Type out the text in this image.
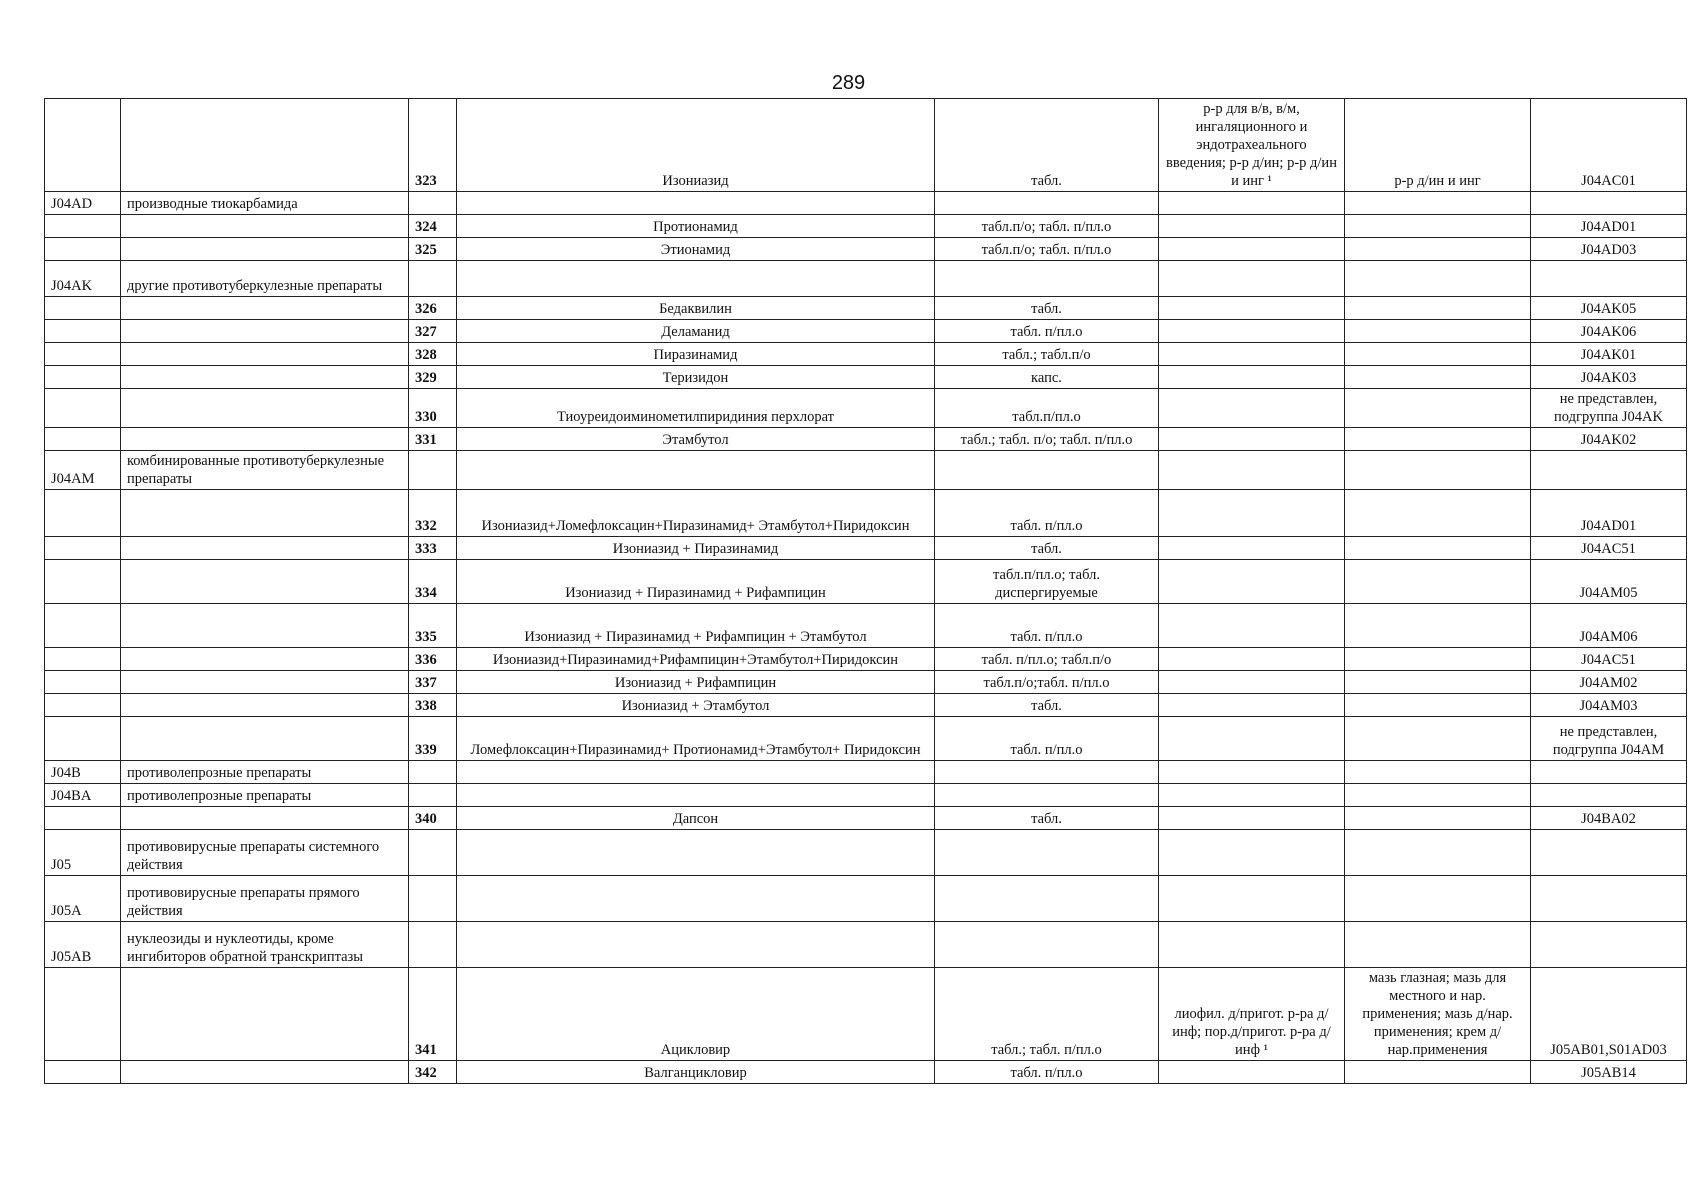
289
		323	Изониазид	табл.	р-р для в/в, в/м, ингаляционного и эндотрахеального введения; р-р д/ин; р-р д/ин и инг ¹	р-р д/ин и инг	J04AC01
J04AD	производные тиокарбамида						
		324	Протионамид	табл.п/о; табл. п/пл.о			J04AD01
		325	Этионамид	табл.п/о; табл. п/пл.о			J04AD03
J04AK	другие противотуберкулезные препараты						
		326	Бедаквилин	табл.			J04AK05
		327	Деламанид	табл. п/пл.о			J04AK06
		328	Пиразинамид	табл.; табл.п/о			J04AK01
		329	Теризидон	капс.			J04AK03
		330	Тиоуреидоиминометилпиридиния перхлорат	табл.п/пл.о			не представлен, подгруппа J04AK
		331	Этамбутол	табл.; табл. п/о; табл. п/пл.о			J04AK02
J04AM	комбинированные противотуберкулезные препараты						
		332	Изониазид+Ломефлоксацин+Пиразинамид+ Этамбутол+Пиридоксин	табл. п/пл.о			J04AD01
		333	Изониазид + Пиразинамид	табл.			J04AC51
		334	Изониазид + Пиразинамид + Рифампицин	табл.п/пл.о; табл. диспергируемые			J04AM05
		335	Изониазид + Пиразинамид + Рифампицин + Этамбутол	табл. п/пл.о			J04AM06
		336	Изониазид+Пиразинамид+Рифампицин+Этамбутол+Пиридоксин	табл. п/пл.о; табл.п/о			J04AC51
		337	Изониазид + Рифампицин	табл.п/о;табл. п/пл.о			J04AM02
		338	Изониазид + Этамбутол	табл.			J04AM03
		339	Ломефлоксацин+Пиразинамид+ Протионамид+Этамбутол+ Пиридоксин	табл. п/пл.о			не представлен, подгруппа J04AM
J04B	противолепрозные препараты						
J04BA	противолепрозные препараты						
		340	Дапсон	табл.			J04BA02
J05	противовирусные препараты системного действия						
J05A	противовирусные препараты прямого действия						
J05AB	нуклеозиды и нуклеотиды, кроме ингибиторов обратной транскриптазы						
		341	Ацикловир	табл.; табл. п/пл.о	лиофил. д/пригот. р-ра д/инф; пор.д/пригот. р-ра д/инф ¹	мазь глазная; мазь для местного и нар. применения; мазь д/нар. применения; крем д/нар.применения	J05AB01,S01AD03
		342	Валганцикловир	табл. п/пл.о			J05AB14
